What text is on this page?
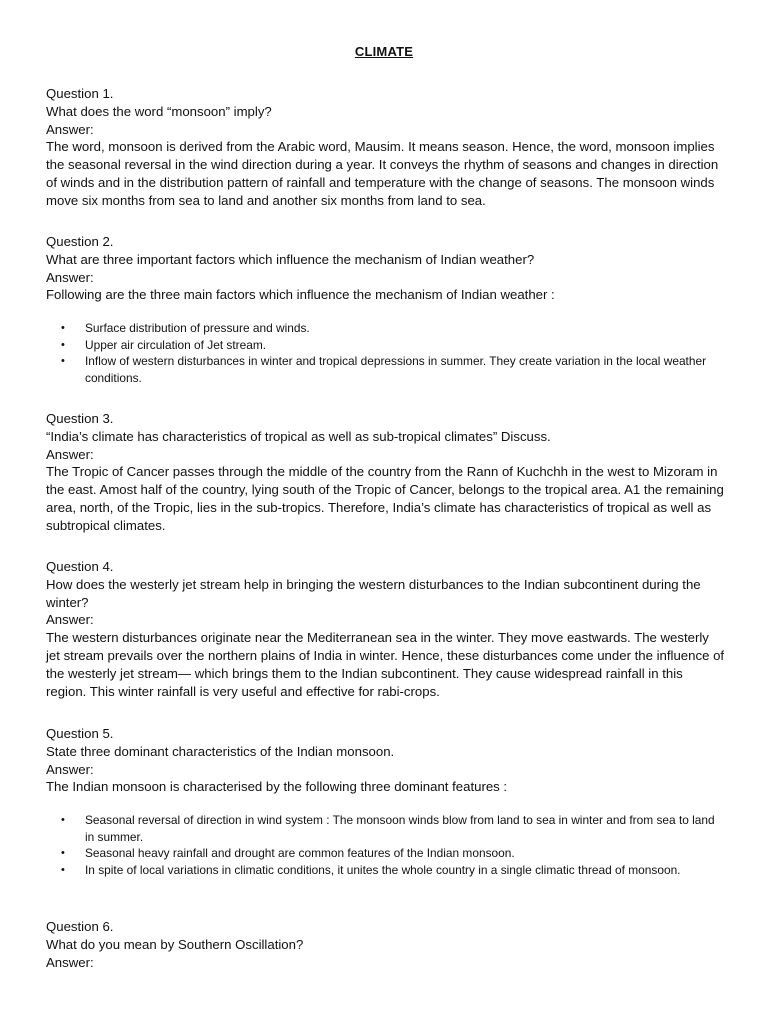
CLIMATE

Question 1.

What does the word “monsoon” imply?

Answer:

The word, monsoon is derived from the Arabic word, Mausim. It means season. Hence, the word, monsoon implies the seasonal reversal in the wind direction during a year. It conveys the rhythm of seasons and changes in direction of winds and in the distribution pattern of rainfall and temperature with the change of seasons. The monsoon winds move six months from sea to land and another six months from land to sea.

Question 2.

What are three important factors which influence the mechanism of Indian weather?

Answer:

Following are the three main factors which influence the mechanism of Indian weather :

• Surface distribution of pressure and winds.
• Upper air circulation of Jet stream.
• Inflow of western disturbances in winter and tropical depressions in summer. They create variation in the local weather conditions.

Question 3.

“India’s climate has characteristics of tropical as well as sub-tropical climates” Discuss.

Answer:

The Tropic of Cancer passes through the middle of the country from the Rann of Kuchchh in the west to Mizoram in the east. Amost half of the country, lying south of the Tropic of Cancer, belongs to the tropical area. A1 the remaining area, north, of the Tropic, lies in the sub-tropics. Therefore, India’s climate has characteristics of tropical as well as subtropical climates.

Question 4.

How does the westerly jet stream help in bringing the western disturbances to the Indian subcontinent during the winter?

Answer:

The western disturbances originate near the Mediterranean sea in the winter. They move eastwards. The westerly jet stream prevails over the northern plains of India in winter. Hence, these disturbances come under the influence of the westerly jet stream— which brings them to the Indian subcontinent. They cause widespread rainfall in this region. This winter rainfall is very useful and effective for rabi-crops.

Question 5.

State three dominant characteristics of the Indian monsoon.

Answer:

The Indian monsoon is characterised by the following three dominant features :

• Seasonal reversal of direction in wind system : The monsoon winds blow from land to sea in winter and from sea to land in summer.
• Seasonal heavy rainfall and drought are common features of the Indian monsoon.
• In spite of local variations in climatic conditions, it unites the whole country in a single climatic thread of monsoon.

Question 6.

What do you mean by Southern Oscillation?

Answer:
